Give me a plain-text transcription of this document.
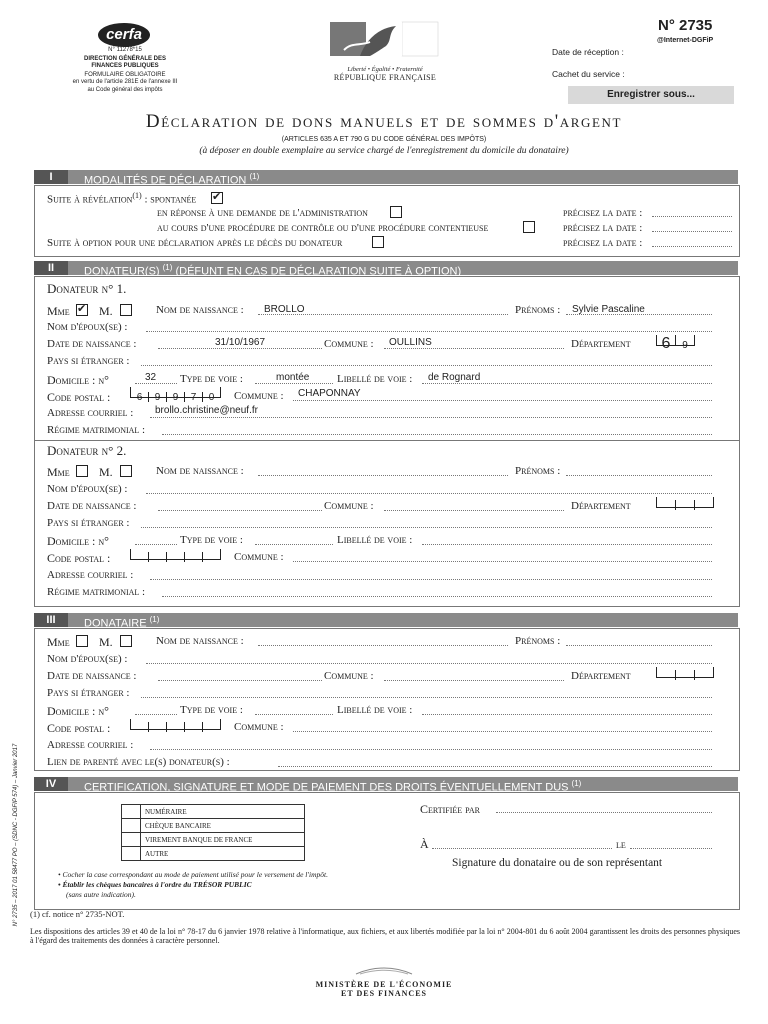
cerfa
N° 11278*15
DIRECTION GÉNÉRALE DES FINANCES PUBLIQUES
FORMULAIRE OBLIGATOIRE
en vertu de l'article 281E de l'annexe III
au Code général des impôts
Liberté • Égalité • Fraternité
RÉPUBLIQUE FRANÇAISE
N° 2735
@Internet-DGFiP
Date de réception :
Cachet du service :
Enregistrer sous...
Déclaration de dons manuels et de sommes d'argent
(ARTICLES 635 A ET 790 G DU CODE GÉNÉRAL DES IMPÔTS)
(à déposer en double exemplaire au service chargé de l'enregistrement du domicile du donataire)
I	MODALITÉS DE DÉCLARATION $^{(1)}$
Suite à révélation$^{(1)}$ : spontanée
✔
en réponse à une demande de l'administration
au cours d'une procédure de contrôle ou d'une procédure contentieuse
Suite à option pour une déclaration après le décès du donateur
précisez la date :
précisez la date :
précisez la date :
II	DONATEUR(S) $^{(1)}$ (DÉFUNT EN CAS DE DÉCLARATION SUITE À OPTION)
Donateur n° 1.
Mme
✔ M.	Nom de naissance : BROLLO	Prénoms : Sylvie Pascaline
Nom d'époux(se) :
Date de naissance :	31/10/1967	Commune : OULLINS	Département	6 9
Pays si étranger :
Domicile : n°	32 Type de voie :	montée	Libellé de voie : de Rognard
Code postal :	6 9 9 7 0	Commune : CHAPONNAY
Adresse courriel : brollo.christine@neuf.fr
Régime matrimonial :
Donateur n° 2.
Mme M.	Nom de naissance :	Prénoms :
Nom d'époux(se) :
Date de naissance :	Commune :	Département
Pays si étranger :
Domicile : n°	Type de voie :	Libellé de voie :
Code postal :	Commune :
Adresse courriel :
Régime matrimonial :
III	DONATAIRE $^{(1)}$
Mme M.	Nom de naissance :	Prénoms :
Nom d'époux(se) :
Date de naissance :	Commune :	Département
Pays si étranger :
Domicile : n°	Type de voie :	Libellé de voie :
Code postal :	Commune :
Adresse courriel :
Lien de parenté avec le(s) donateur(s) :
IV	CERTIFICATION, SIGNATURE ET MODE DE PAIEMENT DES DROITS ÉVENTUELLEMENT DUS $^{(1)}$
	NUMÉRAIRE
	CHÈQUE BANCAIRE
	VIREMENT BANQUE DE FRANCE
	AUTRE
Certifiée par
À	le
Signature du donataire ou de son représentant
• Cocher la case correspondant au mode de paiement utilisé pour le versement de l'impôt.
• Établir les chèques bancaires à l'ordre du TRÉSOR PUBLIC
(sans autre indication).
(1) cf. notice n° 2735-NOT.
Les dispositions des articles 39 et 40 de la loi n° 78-17 du 6 janvier 1978 relative à l'informatique, aux fichiers, et aux libertés modifiée par la loi n° 2004-801 du 6 août 2004 garantissent les droits des personnes physiques à l'égard des traitements des données à caractère personnel.
N° 2735 – 2017 01 58477 PO – (SDNC - DGFIP 574) – Janvier 2017
MINISTÈRE DE L'ÉCONOMIE
ET DES FINANCES
